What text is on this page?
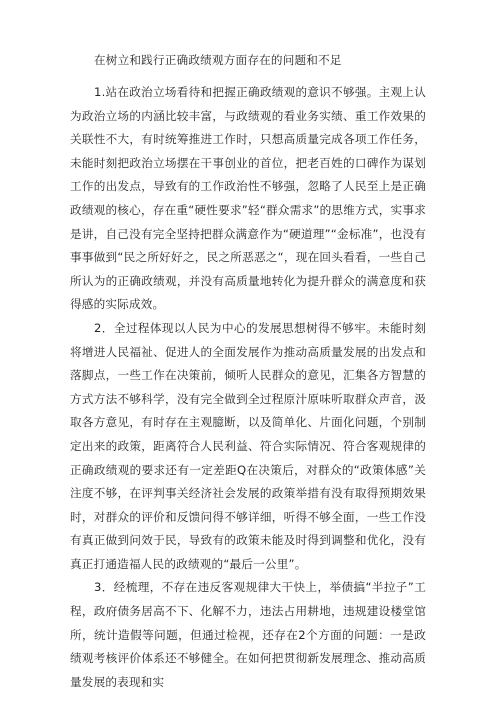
在树立和践行正确政绩观方面存在的问题和不足

1.站在政治立场看待和把握正确政绩观的意识不够强。主观上认为政治立场的内涵比较丰富，与政绩观的看业务实绩、重工作效果的关联性不大，有时统筹推进工作时，只想高质量完成各项工作任务，未能时刻把政治立场摆在干事创业的首位，把老百姓的口碑作为谋划工作的出发点，导致有的工作政治性不够强，忽略了人民至上是正确政绩观的核心，存在重“硬性要求”轻“群众需求”的思维方式，实事求是讲，自己没有完全坚持把群众满意作为“硬道理”“金标准”，也没有事事做到“民之所好好之，民之所恶恶之“，现在回头看看，一些自己所认为的正确政绩观，并没有高质量地转化为提升群众的满意度和获得感的实际成效。

2．全过程体现以人民为中心的发展思想树得不够牢。未能时刻将增进人民福祉、促进人的全面发展作为推动高质量发展的出发点和落脚点，一些工作在决策前，倾听人民群众的意见，汇集各方智慧的方式方法不够科学，没有完全做到全过程原汁原味听取群众声音，汲取各方意见，有时存在主观臆断，以及简单化、片面化问题，个别制定出来的政策，距离符合人民利益、符合实际情况、符合客观规律的正确政绩观的要求还有一定差距Q在决策后，对群众的“政策体感”关注度不够，在评判事关经济社会发展的政策举措有没有取得预期效果时，对群众的评价和反馈问得不够详细，听得不够全面，一些工作没有真正做到问效于民，导致有的政策未能及时得到调整和优化，没有真正打通造福人民的政绩观的“最后一公里”。

3．经梳理，不存在违反客观规律大干快上，举债搞“半拉子”工程，政府债务居高不下、化解不力，违法占用耕地，违规建设楼堂馆所，统计造假等问题，但通过检视，还存在2个方面的问题：一是政绩观考核评价体系还不够健全。在如何把贯彻新发展理念、推动高质量发展的表现和实
